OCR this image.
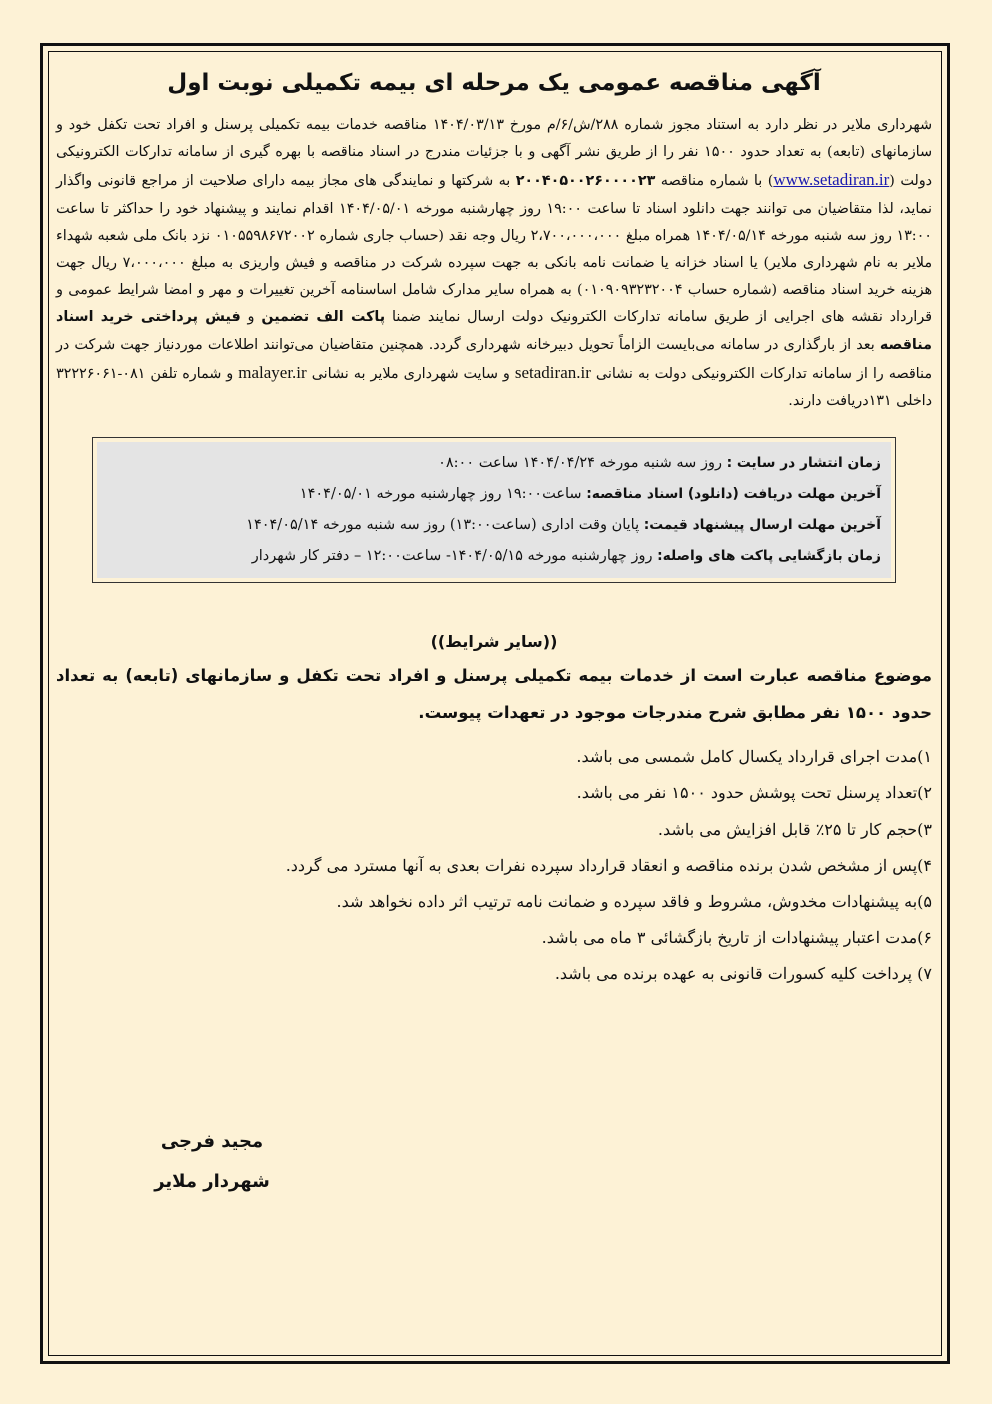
آگهی مناقصه عمومی یک مرحله ای بیمه تکمیلی نوبت اول

شهرداری ملایر در نظر دارد به استناد مجوز شماره ۲۸۸/ش/۶/م مورخ ۱۴۰۴/۰۳/۱۳ مناقصه خدمات بیمه تکمیلی پرسنل و افراد تحت تکفل خود و سازمانهای (تابعه) به تعداد حدود ۱۵۰۰ نفر را از طریق نشر آگهی و با جزئیات مندرج در اسناد مناقصه با بهره گیری از سامانه تدارکات الکترونیکی دولت (www.setadiran.ir) با شماره مناقصه ۲۰۰۴۰۵۰۰۲۶۰۰۰۰۲۳ به شرکتها و نمایندگی های مجاز بیمه دارای صلاحیت از مراجع قانونی واگذار نماید، لذا متقاضیان می توانند جهت دانلود اسناد تا ساعت ۱۹:۰۰ روز چهارشنبه مورخه ۱۴۰۴/۰۵/۰۱ اقدام نمایند و پیشنهاد خود را حداکثر تا ساعت ۱۳:۰۰ روز سه شنبه مورخه ۱۴۰۴/۰۵/۱۴ همراه مبلغ ۲،۷۰۰،۰۰۰،۰۰۰ ریال وجه نقد (حساب جاری شماره ۰۱۰۵۵۹۸۶۷۲۰۰۲ نزد بانک ملی شعبه شهداء ملایر به نام شهرداری ملایر) یا اسناد خزانه یا ضمانت نامه بانکی به جهت سپرده شرکت در مناقصه و فیش واریزی به مبلغ ۷،۰۰۰،۰۰۰ ریال جهت هزینه خرید اسناد مناقصه (شماره حساب ۰۱۰۹۰۹۳۲۳۲۰۰۴) به همراه سایر مدارک شامل اساسنامه آخرین تغییرات و مهر و امضا شرایط عمومی و قرارداد نقشه های اجرایی از طریق سامانه تدارکات الکترونیک دولت ارسال نمایند ضمنا پاکت الف تضمین و فیش پرداختی خرید اسناد مناقصه بعد از بارگذاری در سامانه می‌بایست الزاماً تحویل دبیرخانه شهرداری گردد. همچنین متقاضیان می‌توانند اطلاعات موردنیاز جهت شرکت در مناقصه را از سامانه تدارکات الکترونیکی دولت به نشانی setadiran.ir و سایت شهرداری ملایر به نشانی malayer.ir و شماره تلفن ۰۸۱-۳۲۲۲۶۰۶۱ داخلی ۱۳۱دریافت دارند.

زمان انتشار در سایت : روز سه شنبه مورخه ۱۴۰۴/۰۴/۲۴ ساعت ۰۸:۰۰

آخرین مهلت دریافت (دانلود) اسناد مناقصه: ساعت۱۹:۰۰ روز چهارشنبه مورخه ۱۴۰۴/۰۵/۰۱

آخرین مهلت ارسال پیشنهاد قیمت: پایان وقت اداری (ساعت۱۳:۰۰) روز سه شنبه مورخه ۱۴۰۴/۰۵/۱۴

زمان بازگشایی پاکت های واصله: روز چهارشنبه مورخه ۱۴۰۴/۰۵/۱۵- ساعت۱۲:۰۰ – دفتر کار شهردار

((سایر شرایط))

موضوع مناقصه عبارت است از خدمات بیمه تکمیلی پرسنل و افراد تحت تکفل و سازمانهای (تابعه) به تعداد حدود ۱۵۰۰ نفر مطابق شرح مندرجات موجود در تعهدات پیوست.

۱)مدت اجرای قرارداد یکسال کامل شمسی می باشد.
۲)تعداد پرسنل تحت پوشش حدود ۱۵۰۰ نفر می باشد.
۳)حجم کار تا ۲۵٪ قابل افزایش می باشد.
۴)پس از مشخص شدن برنده مناقصه و انعقاد قرارداد سپرده نفرات بعدی به آنها مسترد می گردد.
۵)به پیشنهادات مخدوش، مشروط و فاقد سپرده و ضمانت نامه ترتیب اثر داده نخواهد شد.
۶)مدت اعتبار پیشنهادات از تاریخ بازگشائی ۳ ماه می باشد.
۷) پرداخت کلیه کسورات قانونی به عهده برنده می باشد.
مجید فرجی
شهردار ملایر
